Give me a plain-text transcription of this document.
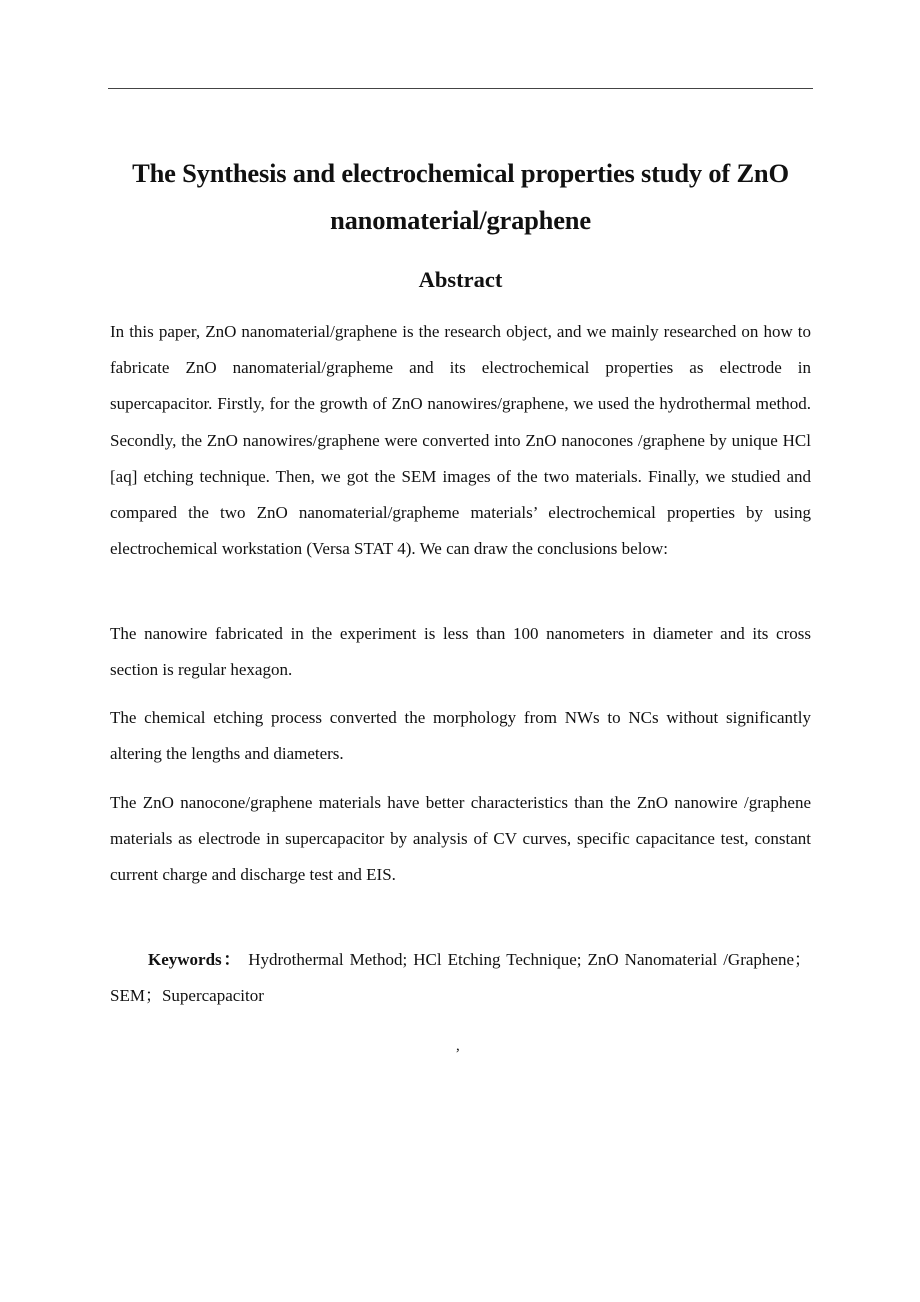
The Synthesis and electrochemical properties study of ZnO nanomaterial/graphene
Abstract

In this paper, ZnO nanomaterial/graphene is the research object, and we mainly researched on how to fabricate ZnO nanomaterial/grapheme and its electrochemical properties as electrode in supercapacitor. Firstly, for the growth of ZnO nanowires/graphene, we used the hydrothermal method. Secondly, the ZnO nanowires/graphene were converted into ZnO nanocones /graphene by unique HCl [aq] etching technique. Then, we got the SEM images of the two materials. Finally, we studied and compared the two ZnO nanomaterial/grapheme materials’ electrochemical properties by using electrochemical workstation (Versa STAT 4). We can draw the conclusions below:

The nanowire fabricated in the experiment is less than 100 nanometers in diameter and its cross section is regular hexagon.

The chemical etching process converted the morphology from NWs to NCs without significantly altering the lengths and diameters.

The ZnO nanocone/graphene materials have better characteristics than the ZnO nanowire /graphene materials as electrode in supercapacitor by analysis of CV curves, specific capacitance test, constant current charge and discharge test and EIS.

Keywords： Hydrothermal Method; HCl Etching Technique; ZnO Nanomaterial /Graphene；SEM；Supercapacitor

,
